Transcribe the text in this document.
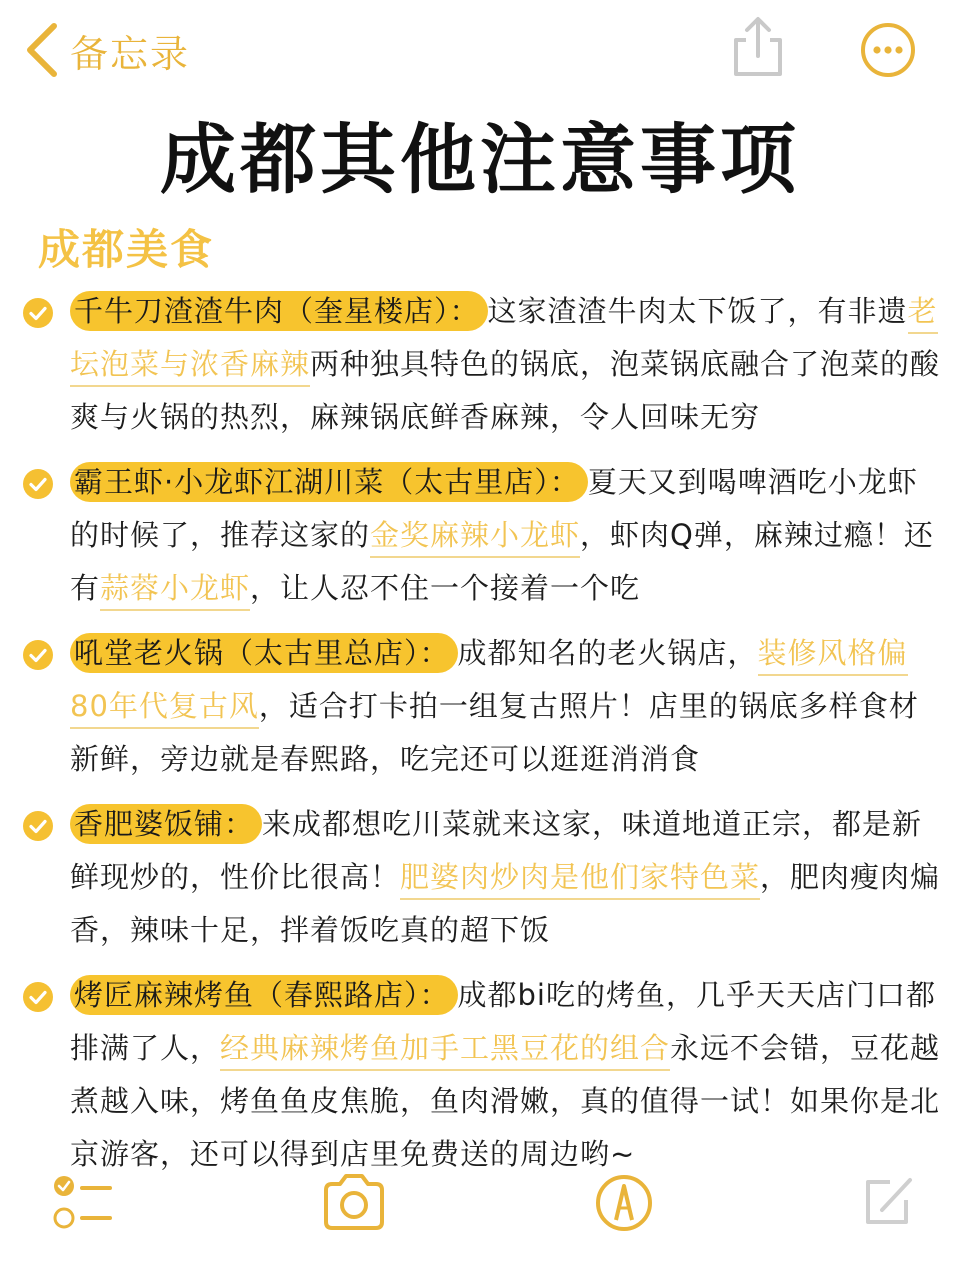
备忘录
成都其他注意事项
成都美食
千牛刀渣渣牛肉（奎星楼店）： 这家渣渣牛肉太下饭了，有非遗老坛泡菜与浓香麻辣两种独具特色的锅底，泡菜锅底融合了泡菜的酸爽与火锅的热烈，麻辣锅底鲜香麻辣，令人回味无穷
霸王虾·小龙虾江湖川菜（太古里店）： 夏天又到喝啤酒吃小龙虾的时候了，推荐这家的金奖麻辣小龙虾，虾肉Q弹，麻辣过瘾！还有蒜蓉小龙虾，让人忍不住一个接着一个吃
吼堂老火锅（太古里总店）： 成都知名的老火锅店，装修风格偏80年代复古风，适合打卡拍一组复古照片！店里的锅底多样食材新鲜，旁边就是春熙路，吃完还可以逛逛消消食
香肥婆饭铺： 来成都想吃川菜就来这家，味道地道正宗，都是新鲜现炒的，性价比很高！肥婆肉炒肉是他们家特色菜，肥肉瘦肉煸香，辣味十足，拌着饭吃真的超下饭
烤匠麻辣烤鱼（春熙路店）： 成都bi吃的烤鱼，几乎天天店门口都排满了人，经典麻辣烤鱼加手工黑豆花的组合永远不会错，豆花越煮越入味，烤鱼鱼皮焦脆，鱼肉滑嫩，真的值得一试！如果你是北京游客，还可以得到店里免费送的周边哟~
